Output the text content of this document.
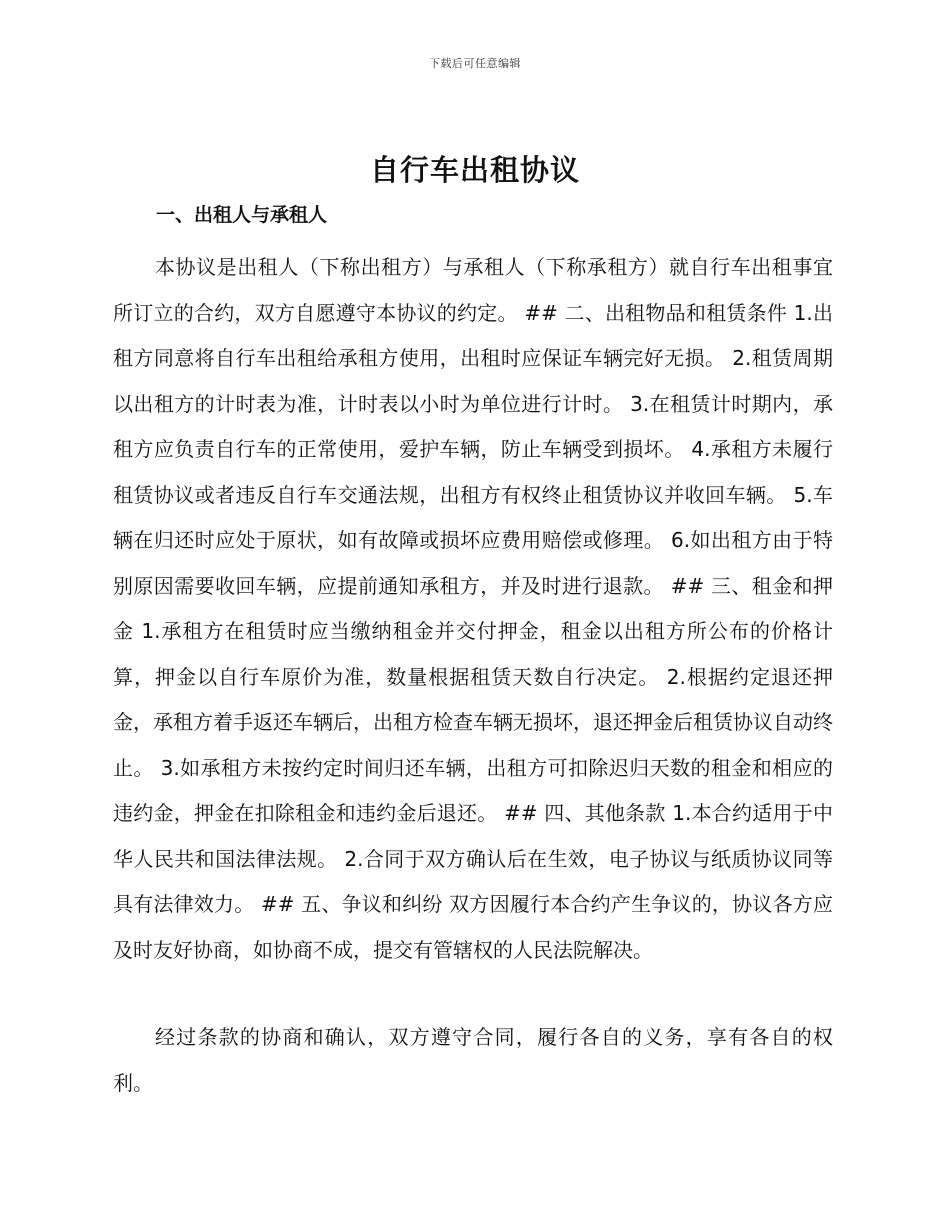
下载后可任意编辑
自行车出租协议
一、出租人与承租人

本协议是出租人（下称出租方）与承租人（下称承租方）就自行车出租事宜所订立的合约，双方自愿遵守本协议的约定。 ## 二、出租物品和租赁条件 1.出租方同意将自行车出租给承租方使用，出租时应保证车辆完好无损。 2.租赁周期以出租方的计时表为准，计时表以小时为单位进行计时。 3.在租赁计时期内，承租方应负责自行车的正常使用，爱护车辆，防止车辆受到损坏。 4.承租方未履行租赁协议或者违反自行车交通法规，出租方有权终止租赁协议并收回车辆。 5.车辆在归还时应处于原状，如有故障或损坏应费用赔偿或修理。 6.如出租方由于特别原因需要收回车辆，应提前通知承租方，并及时进行退款。 ## 三、租金和押金 1.承租方在租赁时应当缴纳租金并交付押金，租金以出租方所公布的价格计算，押金以自行车原价为准，数量根据租赁天数自行决定。 2.根据约定退还押金，承租方着手返还车辆后，出租方检查车辆无损坏，退还押金后租赁协议自动终止。 3.如承租方未按约定时间归还车辆，出租方可扣除迟归天数的租金和相应的违约金，押金在扣除租金和违约金后退还。 ## 四、其他条款 1.本合约适用于中华人民共和国法律法规。 2.合同于双方确认后在生效，电子协议与纸质协议同等具有法律效力。 ## 五、争议和纠纷 双方因履行本合约产生争议的，协议各方应及时友好协商，如协商不成，提交有管辖权的人民法院解决。

经过条款的协商和确认，双方遵守合同，履行各自的义务，享有各自的权利。
